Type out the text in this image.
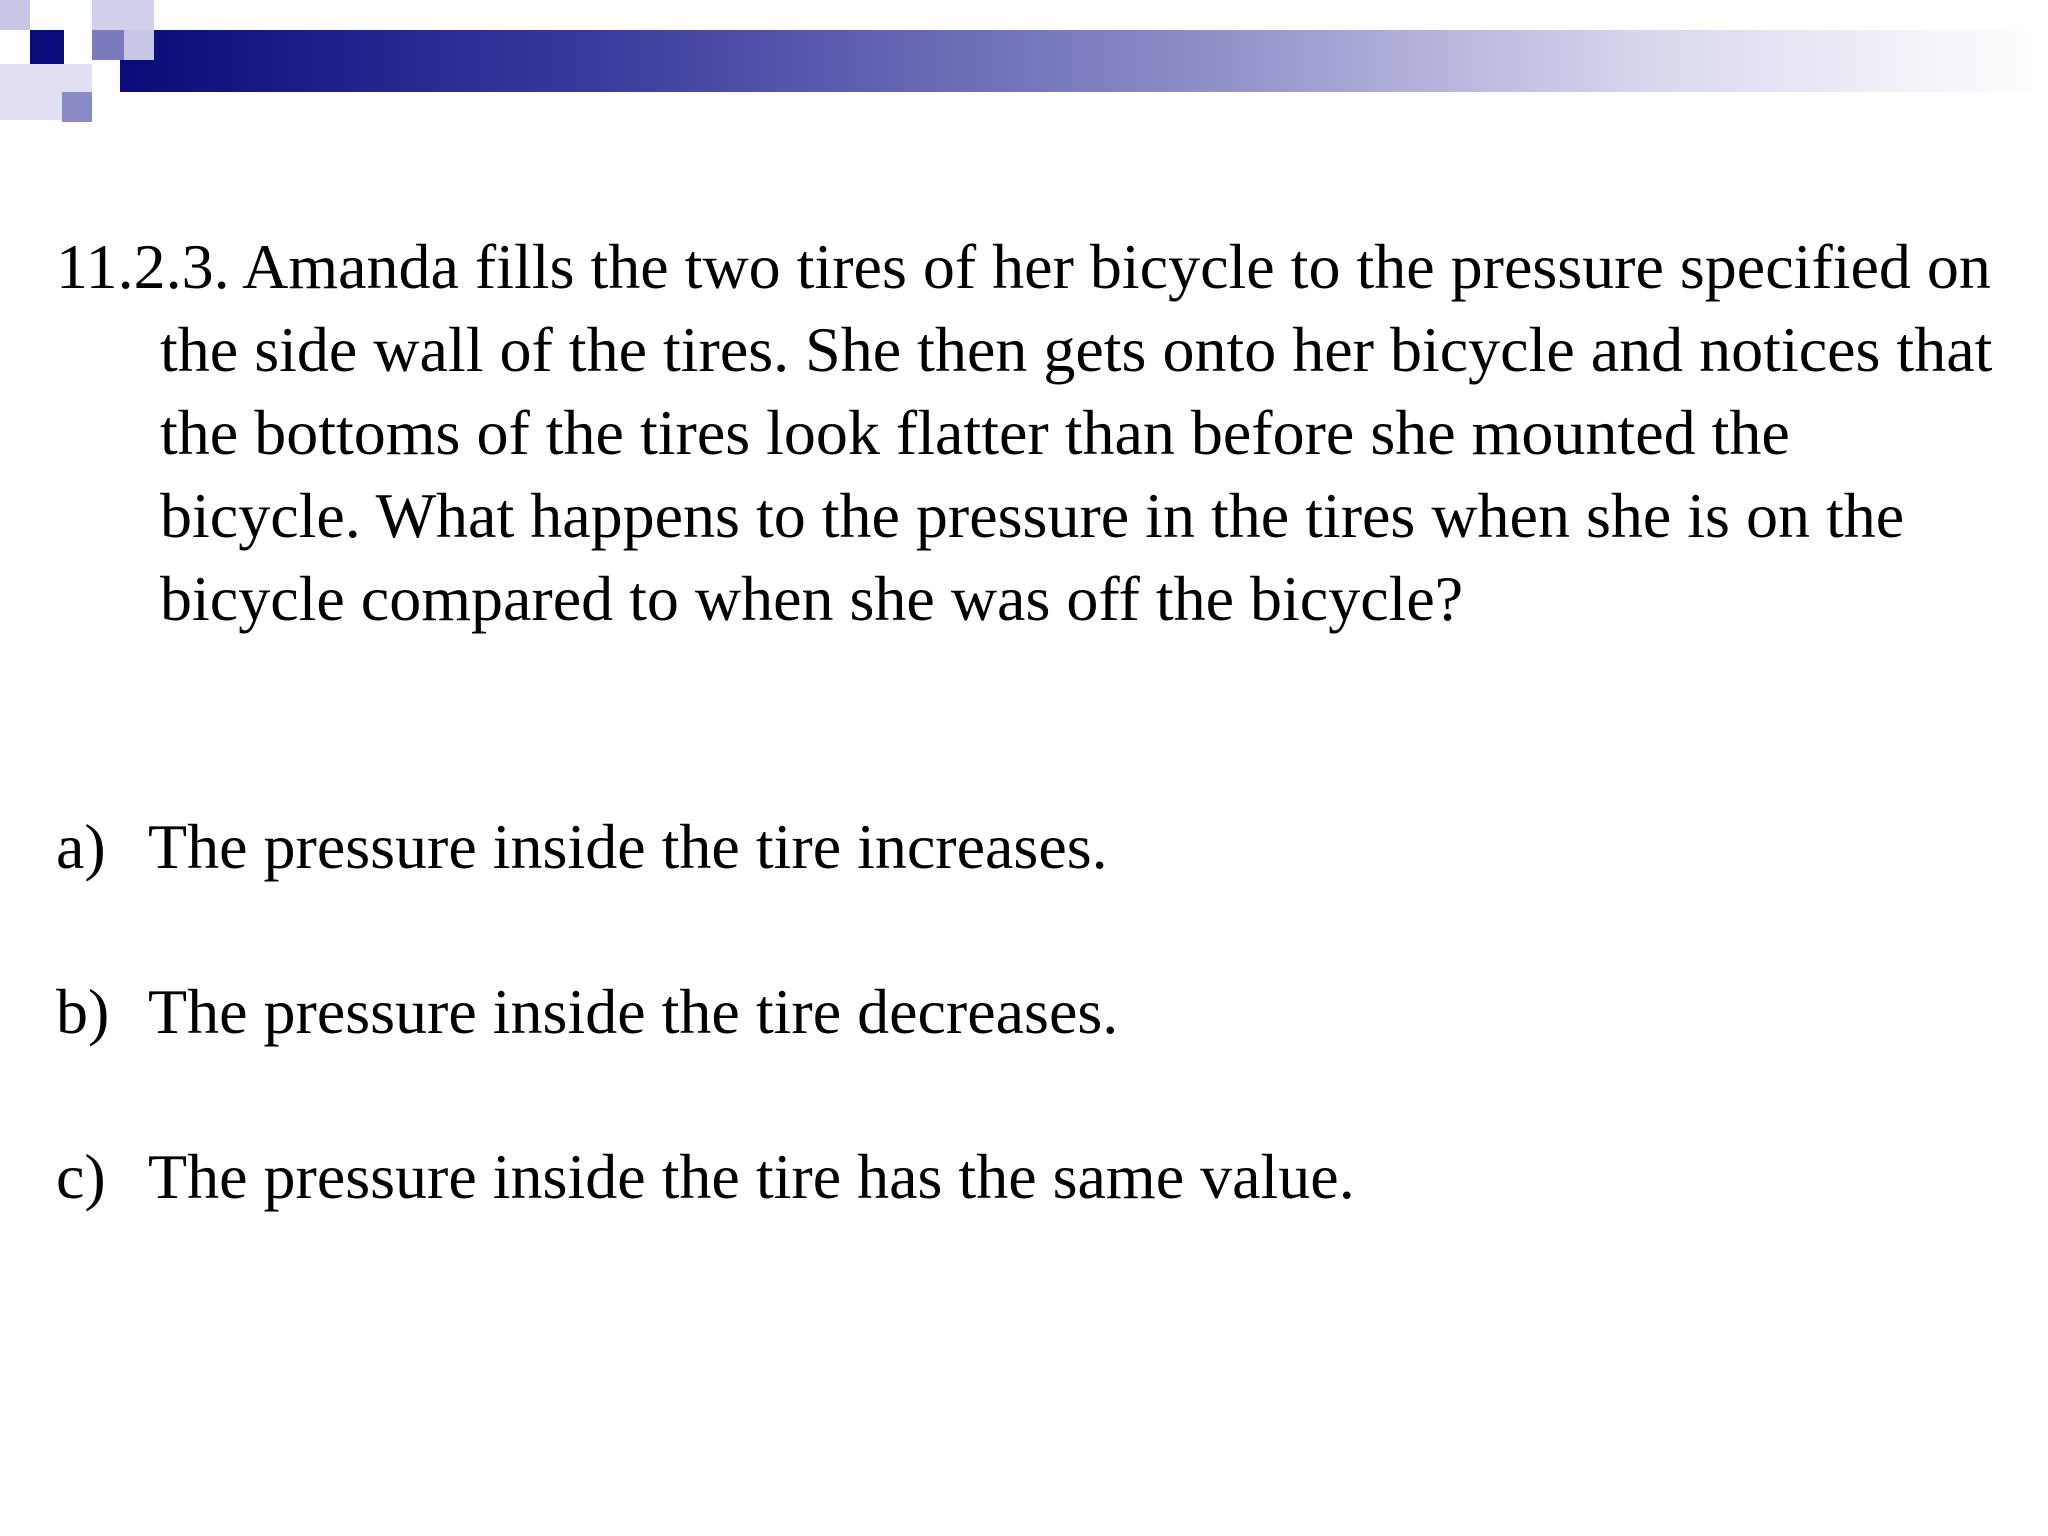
11.2.3. Amanda fills the two tires of her bicycle to the pressure specified on the side wall of the tires. She then gets onto her bicycle and notices that the bottoms of the tires look flatter than before she mounted the bicycle. What happens to the pressure in the tires when she is on the bicycle compared to when she was off the bicycle?

a) The pressure inside the tire increases.

b) The pressure inside the tire decreases.

c) The pressure inside the tire has the same value.
